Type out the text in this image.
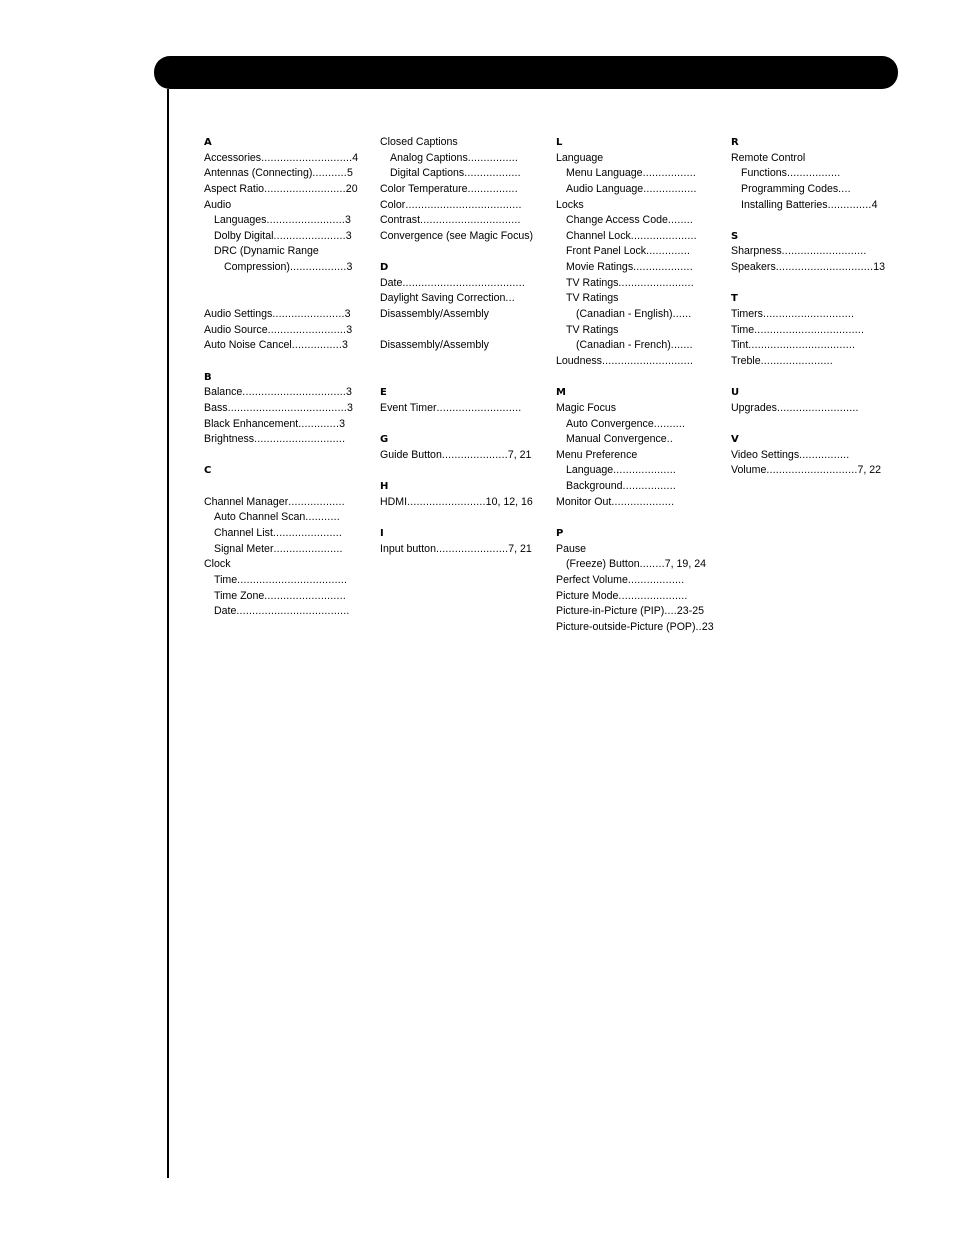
A
Accessories ............................. 4
Antennas (Connecting) ........... 5
Aspect Ratio .......................... 20
Audio
Languages ......................... 3
Dolby Digital ....................... 3
DRC (Dynamic Range
Compression) .................. 3
Audio Settings ....................... 3
Audio Source ......................... 3
Auto Noise Cancel ................ 3
B
Balance ................................. 3
Bass ...................................... 3
Black Enhancement ............. 3
Brightness .............................
C
Channel Manager ..................
Auto Channel Scan ...........
Channel List ......................
Signal Meter ......................
Clock
Time ...................................
Time Zone ..........................
Date ....................................
Closed Captions
Analog Captions ................
Digital Captions ..................
Color Temperature ................
Color .....................................
Contrast ................................
Convergence (see Magic Focus)
D
Date .......................................
Daylight Saving Correction ...
Disassembly/Assembly
Disassembly/Assembly
E
Event Timer ...........................
G
Guide Button ..................... 7, 21
H
HDMI ......................... 10, 12, 16
I
Input button ....................... 7, 21
L
Language
Menu Language .................
Audio Language .................
Locks
Change Access Code ........
Channel Lock .....................
Front Panel Lock ..............
Movie Ratings ...................
TV Ratings ........................
TV Ratings
(Canadian - English) ......
TV Ratings
(Canadian - French) .......
Loudness .............................
M
Magic Focus
Auto Convergence ..........
Manual Convergence ..
Menu Preference
Language ....................
Background .................
Monitor Out ....................
P
Pause
(Freeze) Button ........ 7, 19, 24
Perfect Volume ..................
Picture Mode ......................
Picture-in-Picture (PIP) .... 23-25
Picture-outside-Picture (POP) .. 23
R
Remote Control
Functions .................
Programming Codes ....
Installing Batteries .............. 4
S
Sharpness ...........................
Speakers ............................... 13
T
Timers .............................
Time ...................................
Tint ..................................
Treble .......................
U
Upgrades ..........................
V
Video Settings ................
Volume ............................. 7, 22
